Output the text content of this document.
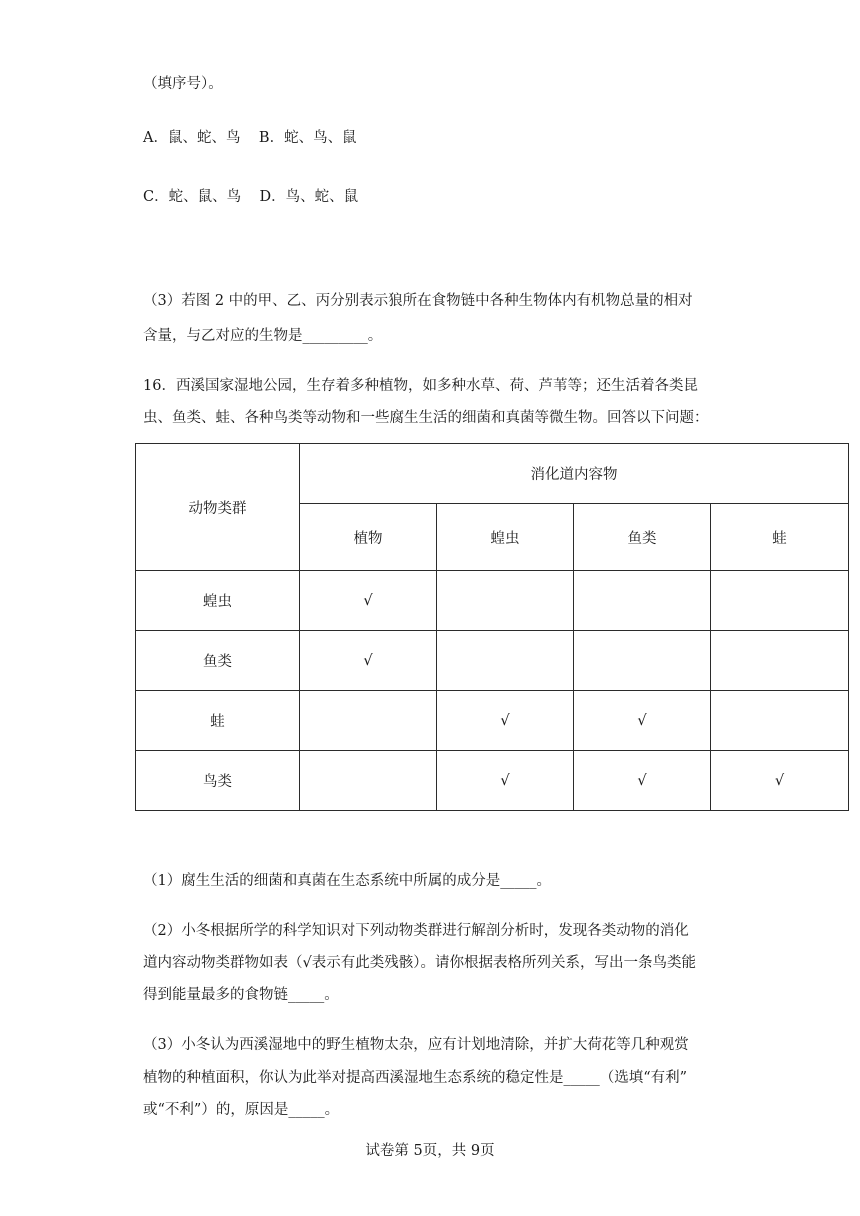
（填序号）。
A．鼠、蛇、鸟    B．蛇、鸟、鼠
C．蛇、鼠、鸟    D．鸟、蛇、鼠
（3）若图 2 中的甲、乙、丙分别表示狼所在食物链中各种生物体内有机物总量的相对
含量，与乙对应的生物是_________。
16．西溪国家湿地公园，生存着多种植物，如多种水草、荷、芦苇等；还生活着各类昆
虫、鱼类、蛙、各种鸟类等动物和一些腐生生活的细菌和真菌等微生物。回答以下问题：
动物类群	消化道内容物			
	植物	蝗虫	鱼类	蛙
蝗虫	√			
鱼类	√			
蛙		√	√	
鸟类		√	√	√
（1）腐生生活的细菌和真菌在生态系统中所属的成分是_____。
（2）小冬根据所学的科学知识对下列动物类群进行解剖分析时，发现各类动物的消化
道内容动物类群物如表（√表示有此类残骸）。请你根据表格所列关系，写出一条鸟类能
得到能量最多的食物链_____。
（3）小冬认为西溪湿地中的野生植物太杂，应有计划地清除，并扩大荷花等几种观赏
植物的种植面积，你认为此举对提高西溪湿地生态系统的稳定性是_____（选填“有利”
或“不利”）的，原因是_____。
试卷第 5页，共 9页
